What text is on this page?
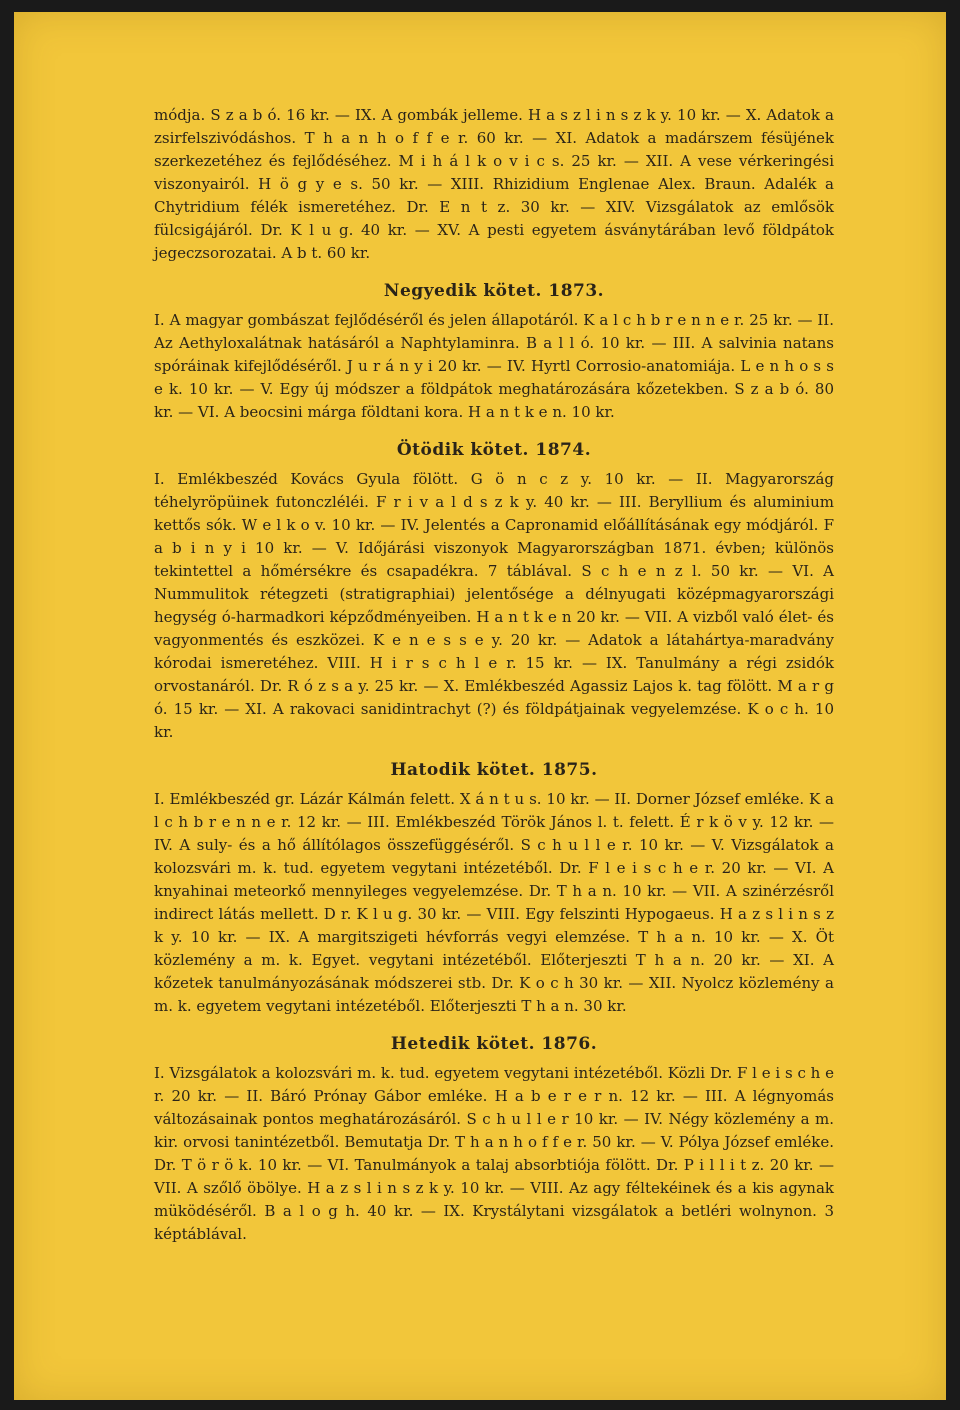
módja. S z a b ó. 16 kr. — IX. A gombák jelleme. H a s z l i n s z k y. 10 kr. — X. Adatok a zsirfelszivódáshos. T h a n h o f f e r. 60 kr. — XI. Adatok a madárszem fésüjének szerkezetéhez és fejlődéséhez. M i h á l k o v i c s. 25 kr. — XII. A vese vérkeringési viszonyairól. H ö g y e s. 50 kr. — XIII. Rhizidium Englenae Alex. Braun. Adalék a Chytridium félék ismeretéhez. Dr. E n t z. 30 kr. — XIV. Vizsgálatok az emlősök fülcsigájáról. Dr. K l u g. 40 kr. — XV. A pesti egyetem ásványtárában levő földpátok jegeczsorozatai. A b t. 60 kr.

Negyedik kötet. 1873.

I. A magyar gombászat fejlődéséről és jelen állapotáról. K a l c h b r e n n e r. 25 kr. — II. Az Aethyloxalátnak hatásáról a Naphtylaminra. B a l l ó. 10 kr. — III. A salvinia natans spóráinak kifejlődéséről. J u r á n y i 20 kr. — IV. Hyrtl Corrosio-anatomiája. L e n h o s s e k. 10 kr. — V. Egy új módszer a földpátok meghatározására kőzetekben. S z a b ó. 80 kr. — VI. A beocsini márga földtani kora. H a n t k e n. 10 kr.

Ötödik kötet. 1874.

I. Emlékbeszéd Kovács Gyula fölött. G ö n c z y. 10 kr. — II. Magyarország téhelyröpüinek futonczléléi. F r i v a l d s z k y. 40 kr. — III. Beryllium és aluminium kettős sók. W e l k o v. 10 kr. — IV. Jelentés a Capronamid előállításának egy módjáról. F a b i n y i 10 kr. — V. Időjárási viszonyok Magyarországban 1871. évben; különös tekintettel a hőmérsékre és csapadékra. 7 táblával. S c h e n z l. 50 kr. — VI. A Nummulitok rétegzeti (stratigraphiai) jelentősége a délnyugati középmagyarországi hegység ó-harmadkori képződményeiben. H a n t k e n 20 kr. — VII. A vizből való élet- és vagyonmentés és eszközei. K e n e s s e y. 20 kr. — Adatok a látahártya-maradvány kórodai ismeretéhez. VIII. H i r s c h l e r. 15 kr. — IX. Tanulmány a régi zsidók orvostanáról. Dr. R ó z s a y. 25 kr. — X. Emlékbeszéd Agassiz Lajos k. tag fölött. M a r g ó. 15 kr. — XI. A rakovaci sanidintrachyt (?) és földpátjainak vegyelemzése. K o c h. 10 kr.

Hatodik kötet. 1875.

I. Emlékbeszéd gr. Lázár Kálmán felett. X á n t u s. 10 kr. — II. Dorner József emléke. K a l c h b r e n n e r. 12 kr. — III. Emlékbeszéd Török János l. t. felett. É r k ö v y. 12 kr. — IV. A suly- és a hő állítólagos összefüggéséről. S c h u l l e r. 10 kr. — V. Vizsgálatok a kolozsvári m. k. tud. egyetem vegytani intézetéből. Dr. F l e i s c h e r. 20 kr. — VI. A knyahinai meteorkő mennyileges vegyelemzése. Dr. T h a n. 10 kr. — VII. A szinérzésről indirect látás mellett. D r. K l u g. 30 kr. — VIII. Egy felszinti Hypogaeus. H a z s l i n s z k y. 10 kr. — IX. A margitszigeti hévforrás vegyi elemzése. T h a n. 10 kr. — X. Öt közlemény a m. k. Egyet. vegytani intézetéből. Előterjeszti T h a n. 20 kr. — XI. A kőzetek tanulmányozásának módszerei stb. Dr. K o c h 30 kr. — XII. Nyolcz közlemény a m. k. egyetem vegytani intézetéből. Előterjeszti T h a n. 30 kr.

Hetedik kötet. 1876.

I. Vizsgálatok a kolozsvári m. k. tud. egyetem vegytani intézetéből. Közli Dr. F l e i s c h e r. 20 kr. — II. Báró Prónay Gábor emléke. H a b e r e r n. 12 kr. — III. A légnyomás változásainak pontos meghatározásáról. S c h u l l e r 10 kr. — IV. Négy közlemény a m. kir. orvosi tanintézetből. Bemutatja Dr. T h a n h o f f e r. 50 kr. — V. Pólya József emléke. Dr. T ö r ö k. 10 kr. — VI. Tanulmányok a talaj absorbtiója fölött. Dr. P i l l i t z. 20 kr. — VII. A szőlő öbölye. H a z s l i n s z k y. 10 kr. — VIII. Az agy féltekéinek és a kis agynak müködéséről. B a l o g h. 40 kr. — IX. Krystálytani vizsgálatok a betléri wolnynon. 3 képtáblával.
